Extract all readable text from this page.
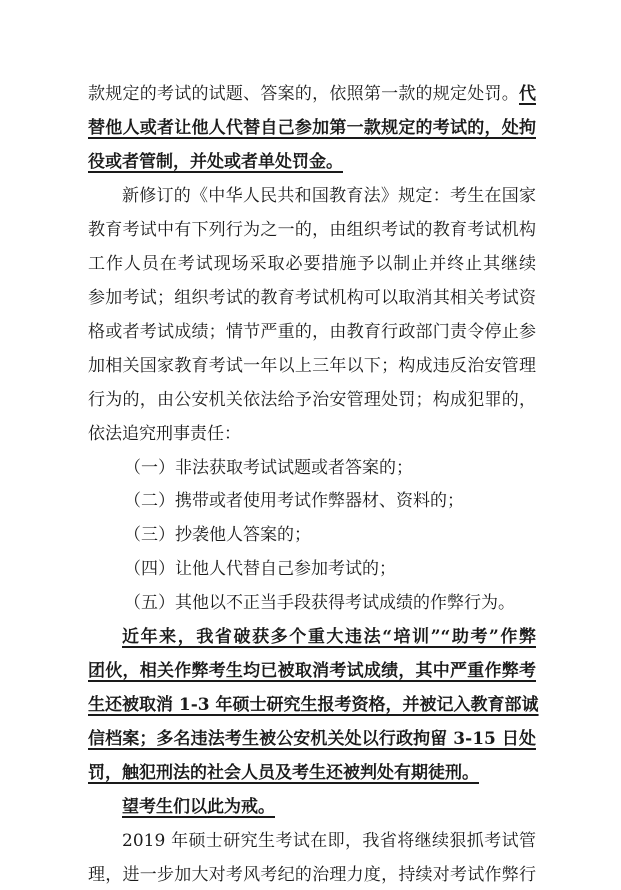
款规定的考试的试题、答案的，依照第一款的规定处罚。代
替他人或者让他人代替自己参加第一款规定的考试的，处拘
役或者管制，并处或者单处罚金。
新修订的《中华人民共和国教育法》规定：考生在国家
教育考试中有下列行为之一的，由组织考试的教育考试机构
工作人员在考试现场采取必要措施予以制止并终止其继续
参加考试；组织考试的教育考试机构可以取消其相关考试资
格或者考试成绩；情节严重的，由教育行政部门责令停止参
加相关国家教育考试一年以上三年以下；构成违反治安管理
行为的，由公安机关依法给予治安管理处罚；构成犯罪的，
依法追究刑事责任：
（一）非法获取考试试题或者答案的；
（二）携带或者使用考试作弊器材、资料的；
（三）抄袭他人答案的；
（四）让他人代替自己参加考试的；
（五）其他以不正当手段获得考试成绩的作弊行为。
近年来，我省破获多个重大违法“培训”“助考”作弊
团伙，相关作弊考生均已被取消考试成绩，其中严重作弊考
生还被取消 1-3 年硕士研究生报考资格，并被记入教育部诚
信档案；多名违法考生被公安机关处以行政拘留 3-15 日处
罚，触犯刑法的社会人员及考生还被判处有期徒刑。
望考生们以此为戒。
2019 年硕士研究生考试在即，我省将继续狠抓考试管
理，进一步加大对考风考纪的治理力度，持续对考试作弊行
